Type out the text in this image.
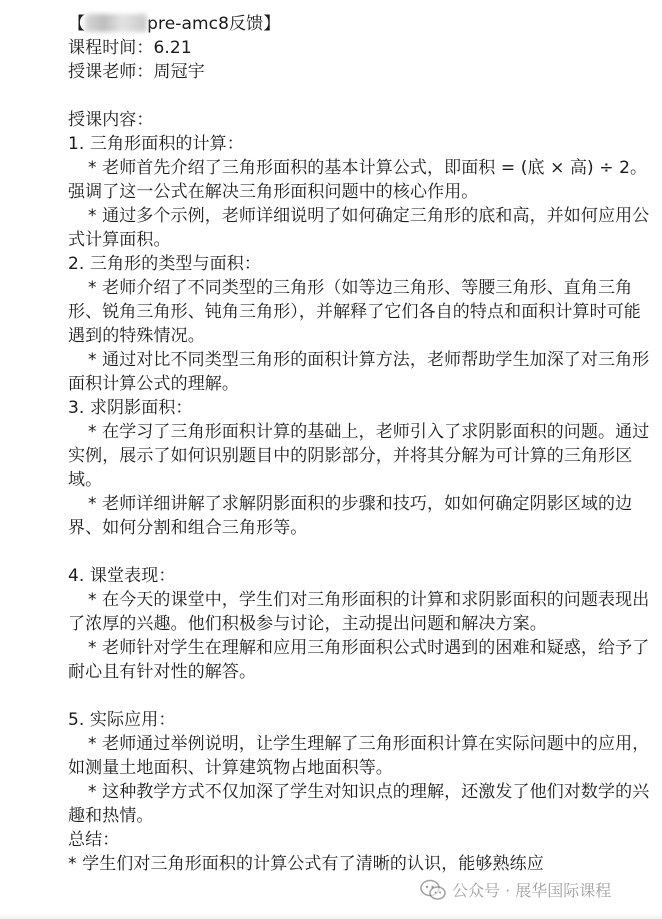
【	pre-amc8反馈】
课程时间：6.21
授课老师：周冠宇
授课内容：
1. 三角形面积的计算：
* 老师首先介绍了三角形面积的基本计算公式，即面积 = (底 × 高) ÷ 2。强调了这一公式在解决三角形面积问题中的核心作用。
* 通过多个示例，老师详细说明了如何确定三角形的底和高，并如何应用公式计算面积。
2. 三角形的类型与面积：
* 老师介绍了不同类型的三角形（如等边三角形、等腰三角形、直角三角形、锐角三角形、钝角三角形），并解释了它们各自的特点和面积计算时可能遇到的特殊情况。
* 通过对比不同类型三角形的面积计算方法，老师帮助学生加深了对三角形面积计算公式的理解。
3. 求阴影面积：
* 在学习了三角形面积计算的基础上，老师引入了求阴影面积的问题。通过实例，展示了如何识别题目中的阴影部分，并将其分解为可计算的三角形区域。
* 老师详细讲解了求解阴影面积的步骤和技巧，如如何确定阴影区域的边界、如何分割和组合三角形等。
4. 课堂表现：
* 在今天的课堂中，学生们对三角形面积的计算和求阴影面积的问题表现出了浓厚的兴趣。他们积极参与讨论，主动提出问题和解决方案。
* 老师针对学生在理解和应用三角形面积公式时遇到的困难和疑惑，给予了耐心且有针对性的解答。
5. 实际应用：
* 老师通过举例说明，让学生理解了三角形面积计算在实际问题中的应用，如测量土地面积、计算建筑物占地面积等。
* 这种教学方式不仅加深了学生对知识点的理解，还激发了他们对数学的兴趣和热情。
总结：
* 学生们对三角形面积的计算公式有了清晰的认识，能够熟练应
公众号 · 展华国际课程
